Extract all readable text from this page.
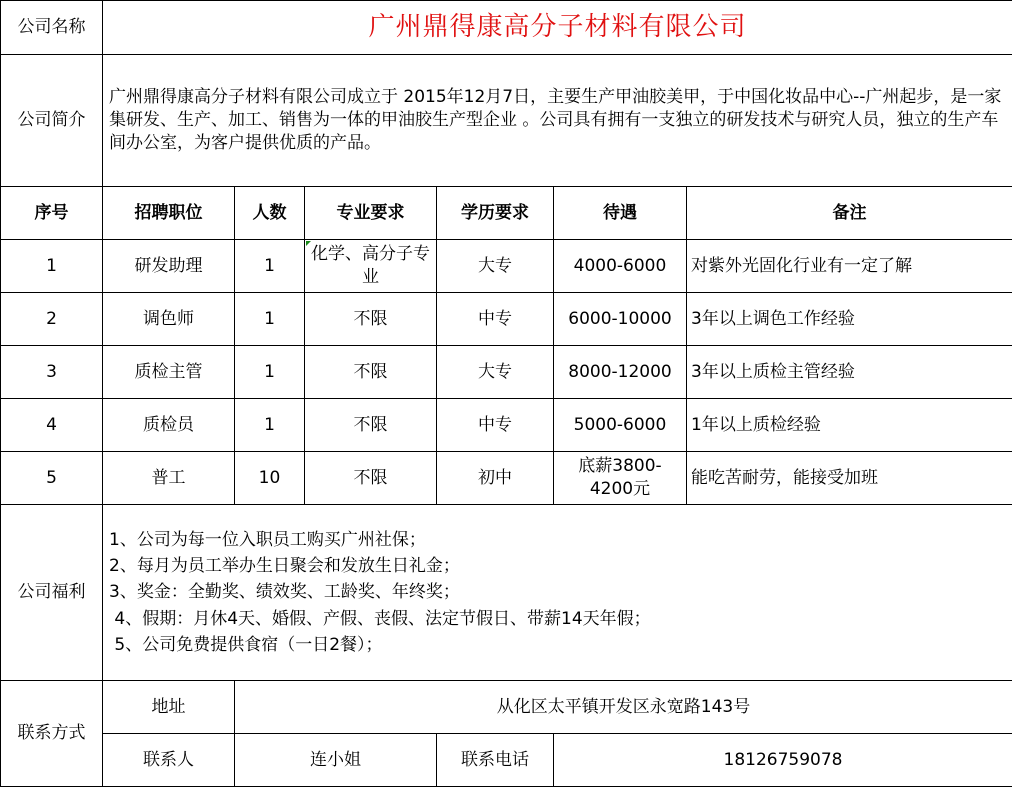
公司名称	广州鼎得康高分子材料有限公司					
公司简介	广州鼎得康高分子材料有限公司成立于 2015年12月7日，主要生产甲油胶美甲，于中国化妆品中心--广州起步，是一家集研发、生产、加工、销售为一体的甲油胶生产型企业 。公司具有拥有一支独立的研发技术与研究人员，独立的生产车间办公室，为客户提供优质的产品。					
序号	招聘职位	人数	专业要求	学历要求	待遇	备注
1	研发助理	1	化学、高分子专业	大专	4000-6000	对紫外光固化行业有一定了解
2	调色师	1	不限	中专	6000-10000	3年以上调色工作经验
3	质检主管	1	不限	大专	8000-12000	3年以上质检主管经验
4	质检员	1	不限	中专	5000-6000	1年以上质检经验
5	普工	10	不限	初中	底薪3800-4200元	能吃苦耐劳，能接受加班
公司福利	1、公司为每一位入职员工购买广州社保；
2、每月为员工举办生日聚会和发放生日礼金；
3、奖金：全勤奖、绩效奖、工龄奖、年终奖；
4、假期：月休4天、婚假、产假、丧假、法定节假日、带薪14天年假；
5、公司免费提供食宿（一日2餐）；					

联系方式	地址	从化区太平镇开发区永宽路143号				
	联系人	连小姐		联系电话	18126759078	
